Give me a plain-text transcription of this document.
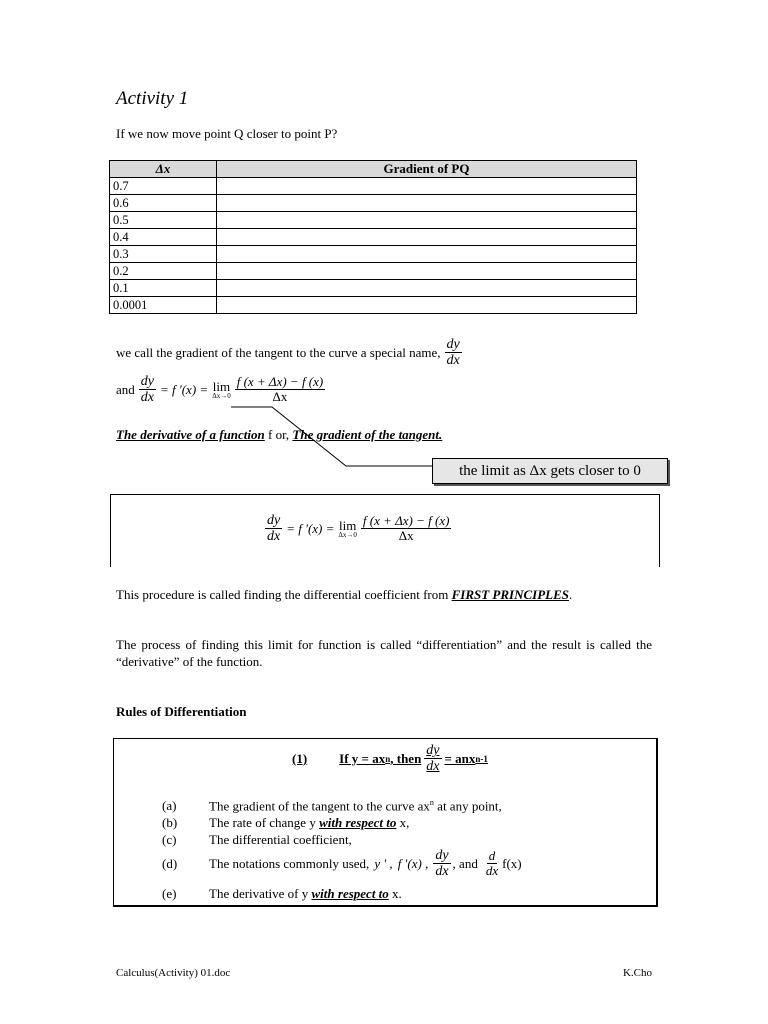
Activity 1
If we now move point Q closer to point P?
Δx	Gradient of PQ
0.7	
0.6	
0.5	
0.4	
0.3	
0.2	
0.1	
0.0001	
we call the gradient of the tangent to the curve a special name, $\frac{dy}{dx}$
and $\frac{dy}{dx} = f$ ′(x) = lim
$\Delta x\to 0 \frac{f (x + \Delta x) - f (x)}{\Delta x}$
The derivative of a function f or, The gradient of the tangent.
the limit as Δx gets closer to 0
$\frac{dy}{dx} = f$ ′(x) = lim
$\Delta x\to 0 \frac{f (x + \Delta x) - f (x)}{\Delta x}$
This procedure is called finding the differential coefficient from FIRST PRINCIPLES.
The process of finding this limit for function is called “differentiation” and the result is called the “derivative” of the function.
Rules of Differentiation
(1) If y = ax n , then $\frac{dy}{dx}$ = anx n-1
(a)	The gradient of the tangent to the curve $ax^n$ at any point,
(b) The rate of change y with respect to x,
(c)	The differential coefficient,
(d)	The notations commonly used, y ′ , f ′(x) , $\frac{dy}{dx}$ , and $\frac{d}{dx} f(x)$
(e)	The derivative of y with respect to x.
Calculus(Activity) 01.doc	K.Cho
